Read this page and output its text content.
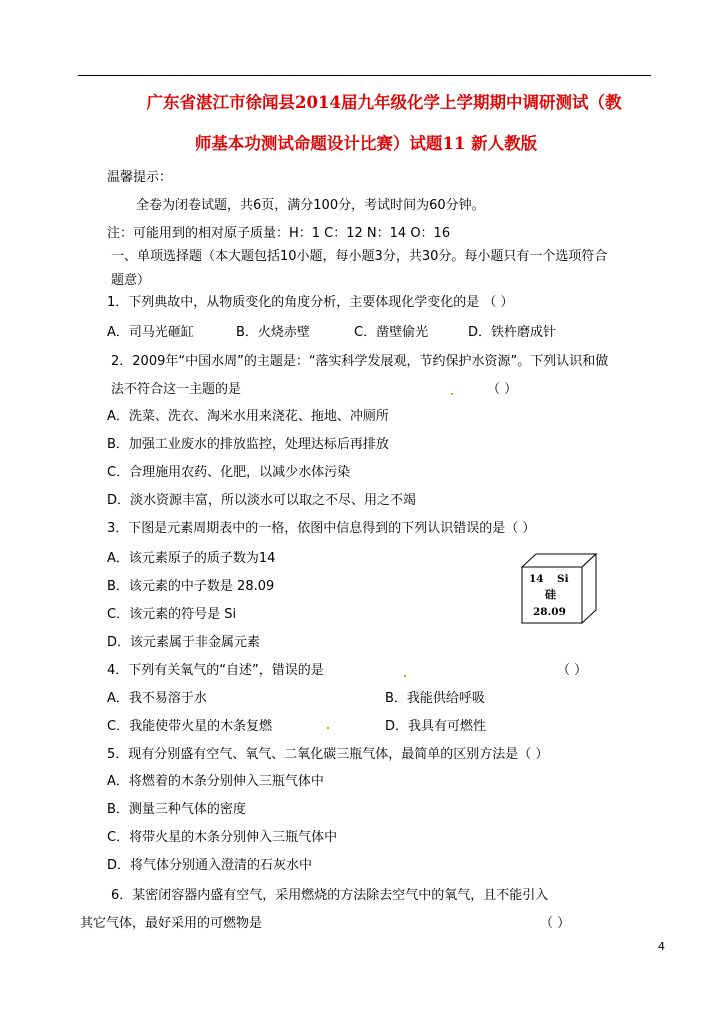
广东省湛江市徐闻县2014届九年级化学上学期期中调研测试（教
师基本功测试命题设计比赛）试题11 新人教版
温馨提示：
全卷为闭卷试题，共6页，满分100分，考试时间为60分钟。
注：可能用到的相对原子质量：H：1 C：12 N：14 O：16
一、单项选择题（本大题包括10小题，每小题3分，共30分。每小题只有一个选项符合
题意）
1．下列典故中，从物质变化的角度分析，主要体现化学变化的是 （ ）
A．司马光砸缸	B．火烧赤壁	C．凿壁偷光	D．铁杵磨成针
2．2009年“中国水周”的主题是：“落实科学发展观，节约保护水资源”。下列认识和做
法不符合这一主题的是	（ ）
A．洗菜、洗衣、淘米水用来浇花、拖地、冲厕所
B．加强工业废水的排放监控，处理达标后再排放
C．合理施用农药、化肥，以减少水体污染
D．淡水资源丰富，所以淡水可以取之不尽、用之不竭
3．下图是元素周期表中的一格，依图中信息得到的下列认识错误的是（ ）
A．该元素原子的质子数为14
B．该元素的中子数是 28.09
C．该元素的符号是 Si
D．该元素属于非金属元素
14 Si
硅
28.09
4．下列有关氧气的“自述”，错误的是	（ ）
A．我不易溶于水	B．我能供给呼吸
C．我能使带火星的木条复燃	D．我具有可燃性
5．现有分别盛有空气、氧气、二氧化碳三瓶气体，最简单的区别方法是（ ）
A．将燃着的木条分别伸入三瓶气体中
B．测量三种气体的密度
C．将带火星的木条分别伸入三瓶气体中
D．将气体分别通入澄清的石灰水中
6．某密闭容器内盛有空气，采用燃烧的方法除去空气中的氧气，且不能引入
其它气体，最好采用的可燃物是	（ ）
4
